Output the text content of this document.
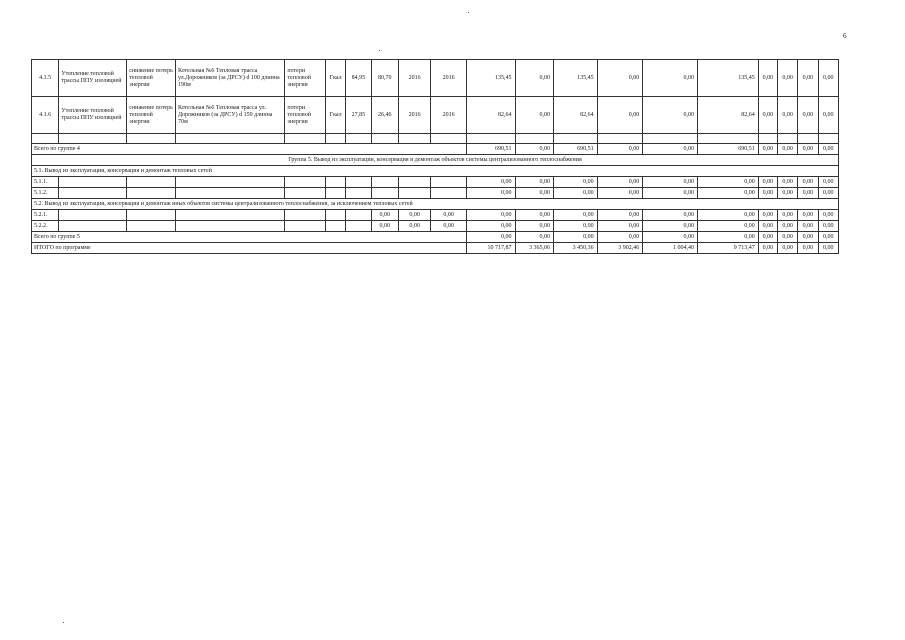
6
4.1.5	Утепление тепловой трассы ППУ изоляцией	снижение потерь тепловой энергии	Котельная №6 Тепловая трасса ул.Дорожников (за ДРСУ) d 100 длинна 190м	потери тепловой энергии	Гкал	84,95	80,70	2016	2016	135,45	0,00	135,45	0,00	0,00	135,45	0,00	0,00	0,00	0,00
4.1.6	Утепление тепловой трассы ППУ изоляцией	снижение потерь тепловой энергии	Котельная №6 Тепловая трасса ул. Дорожников (за ДРСУ) d 159 длинна 70м	потери тепловой энергии	Гкал	27,85	26,46	2016	2016	82,64	0,00	82,64	0,00	0,00	82,64	0,00	0,00	0,00	0,00

Всего по группе 4										690,51	0,00	690,51	0,00	0,00	690,51	0,00	0,00	0,00	0,00
Группа 5. Вывод из эксплуатации, консервация и демонтаж объектов системы централизованного теплоснабжения																			
5.1. Вывод из эксплуатации, консервация и демонтаж тепловых сетей																			
5.1.1.										0,00	0,00	0,00	0,00	0,00	0,00	0,00	0,00	0,00	0,00
5.1.2.										0,00	0,00	0,00	0,00	0,00	0,00	0,00	0,00	0,00	0,00
5.2. Вывод из эксплуатации, консервация и демонтаж иных объектов системы централизованного теплоснабжения, за исключением тепловых сетей																			
5.2.1.							0,00	0,00	0,00	0,00	0,00	0,00	0,00	0,00	0,00	0,00	0,00	0,00	0,00
5.2.2.							0,00	0,00	0,00	0,00	0,00	0,00	0,00	0,00	0,00	0,00	0,00	0,00	0,00
Всего по группе 5										0,00	0,00	0,00	0,00	0,00	0,00	0,00	0,00	0,00	0,00
ИТОГО по программе										10 717,87	3 365,06	3 450,36	3 902,46	1 004,40	9 713,47	0,00	0,00	0,00	0,00
